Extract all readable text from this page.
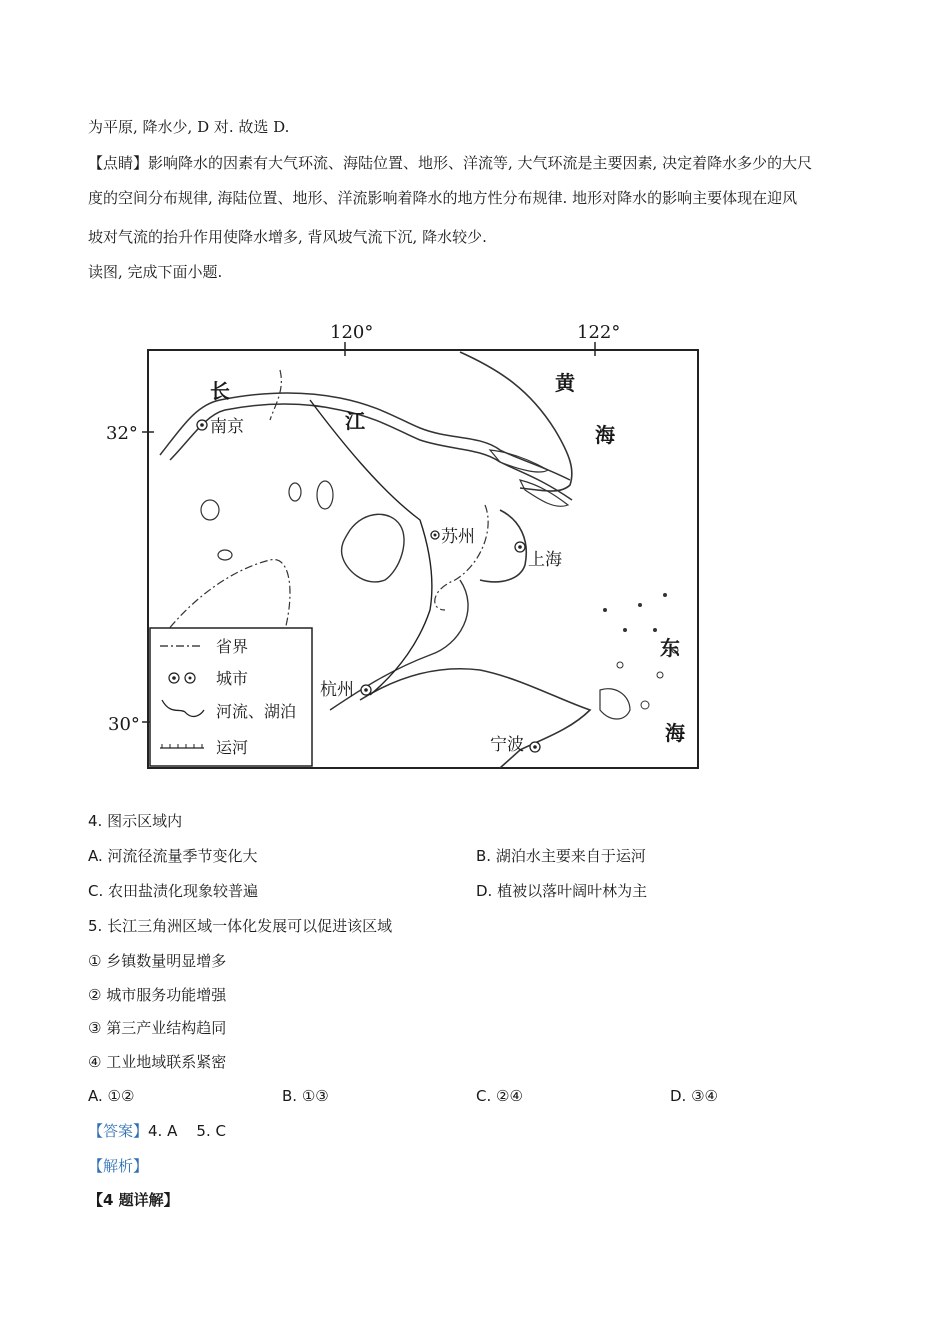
为平原, 降水少, D 对. 故选 D.
【点睛】影响降水的因素有大气环流、海陆位置、地形、洋流等, 大气环流是主要因素, 决定着降水多少的大尺
度的空间分布规律, 海陆位置、地形、洋流影响着降水的地方性分布规律. 地形对降水的影响主要体现在迎风
坡对气流的抬升作用使降水增多, 背风坡气流下沉, 降水较少.
读图, 完成下面小题.
120°	122°
32°
30°
长
江
黄
海
东
海
南京
苏州
上海
杭州
宁波
省界
城市
河流、湖泊
运河
4. 图示区域内
A. 河流径流量季节变化大	B. 湖泊水主要来自于运河
C. 农田盐渍化现象较普遍	D. 植被以落叶阔叶林为主
5. 长江三角洲区域一体化发展可以促进该区域
① 乡镇数量明显增多
② 城市服务功能增强
③ 第三产业结构趋同
④ 工业地域联系紧密
A. ①②	B. ①③	C. ②④	D. ③④
【答案】4. A    5. C
【解析】
【4 题详解】
